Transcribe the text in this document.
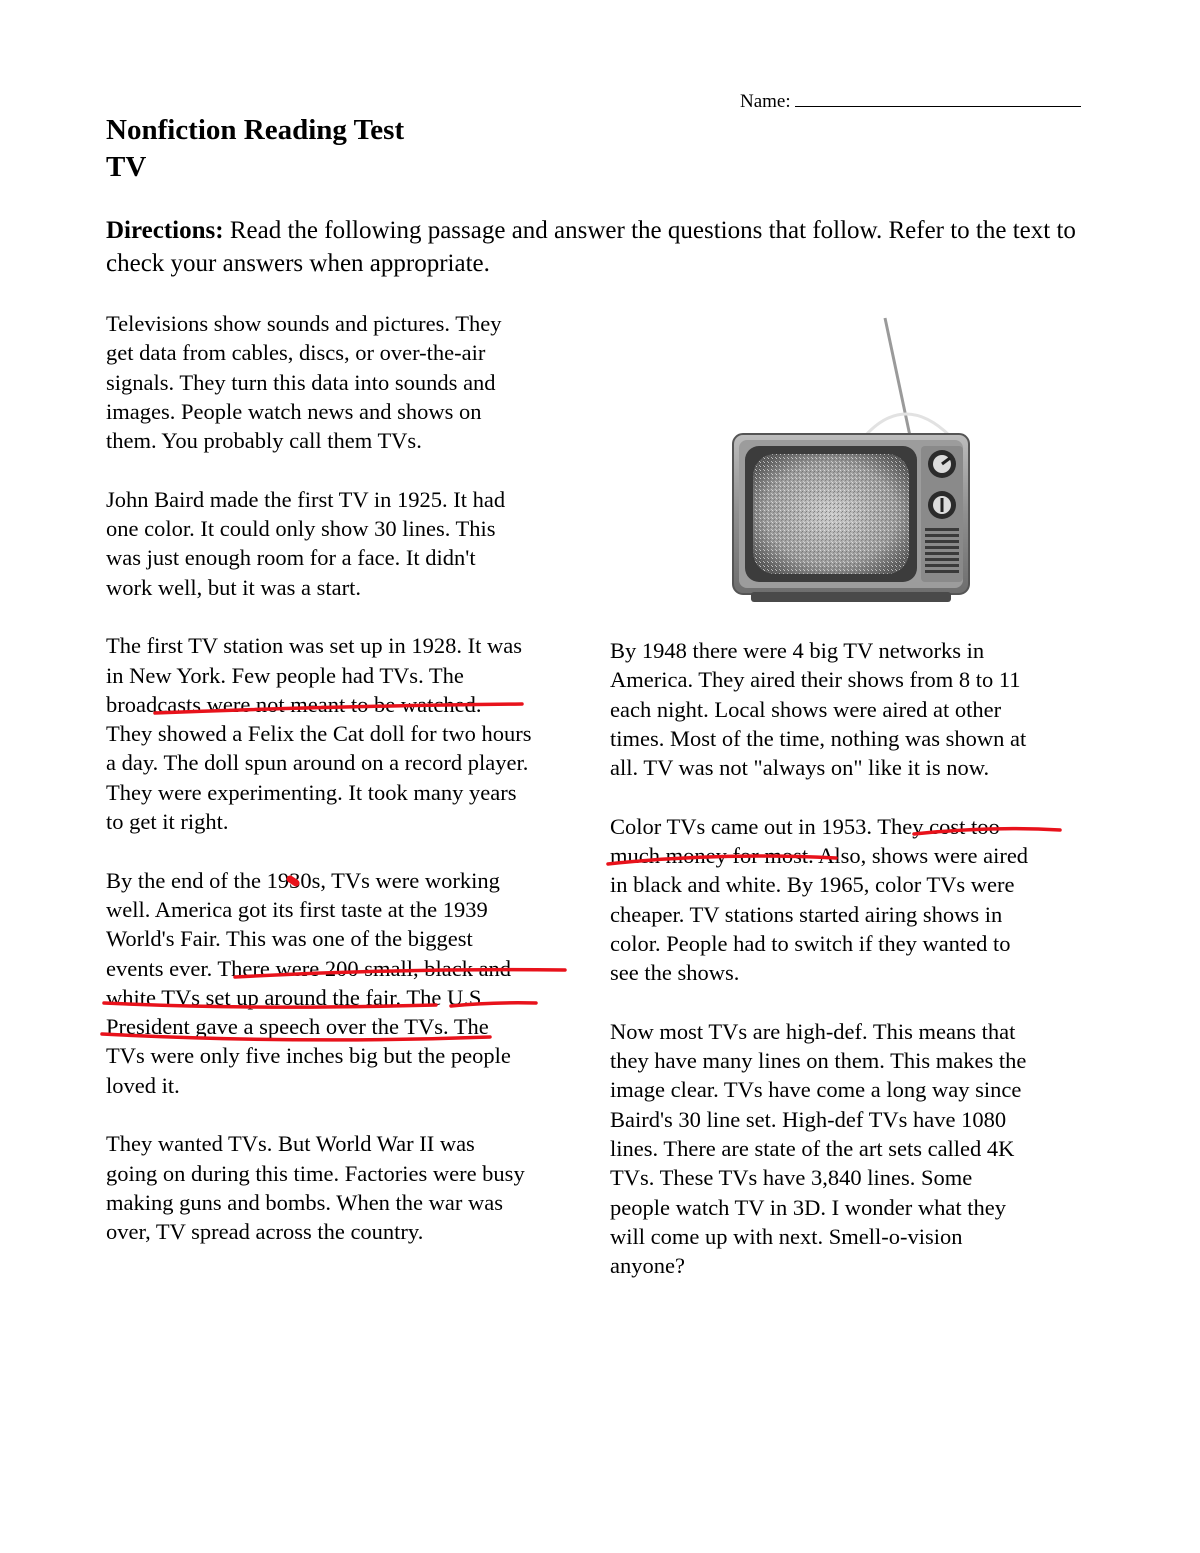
Name:
Nonfiction Reading Test
TV
Directions: Read the following passage and answer the questions that follow. Refer to the text to check your answers when appropriate.

Televisions show sounds and pictures. They
get data from cables, discs, or over-the-air
signals. They turn this data into sounds and
images. People watch news and shows on
them. You probably call them TVs.

John Baird made the first TV in 1925. It had
one color. It could only show 30 lines. This
was just enough room for a face. It didn't
work well, but it was a start.

The first TV station was set up in 1928. It was
in New York. Few people had TVs. The
broadcasts were not meant to be watched.
They showed a Felix the Cat doll for two hours
a day. The doll spun around on a record player.
They were experimenting. It took many years
to get it right.

By the end of the 1930s, TVs were working
well. America got its first taste at the 1939
World's Fair. This was one of the biggest
events ever. There were 200 small, black and
white TVs set up around the fair. The U.S.
President gave a speech over the TVs. The
TVs were only five inches big but the people
loved it.

They wanted TVs. But World War II was
going on during this time. Factories were busy
making guns and bombs. When the war was
over, TV spread across the country.

By 1948 there were 4 big TV networks in
America. They aired their shows from 8 to 11
each night. Local shows were aired at other
times. Most of the time, nothing was shown at
all. TV was not "always on" like it is now.

Color TVs came out in 1953. They cost too
much money for most. Also, shows were aired
in black and white. By 1965, color TVs were
cheaper. TV stations started airing shows in
color. People had to switch if they wanted to
see the shows.

Now most TVs are high-def. This means that
they have many lines on them. This makes the
image clear. TVs have come a long way since
Baird's 30 line set. High-def TVs have 1080
lines. There are state of the art sets called 4K
TVs. These TVs have 3,840 lines. Some
people watch TV in 3D. I wonder what they
will come up with next. Smell-o-vision
anyone?
